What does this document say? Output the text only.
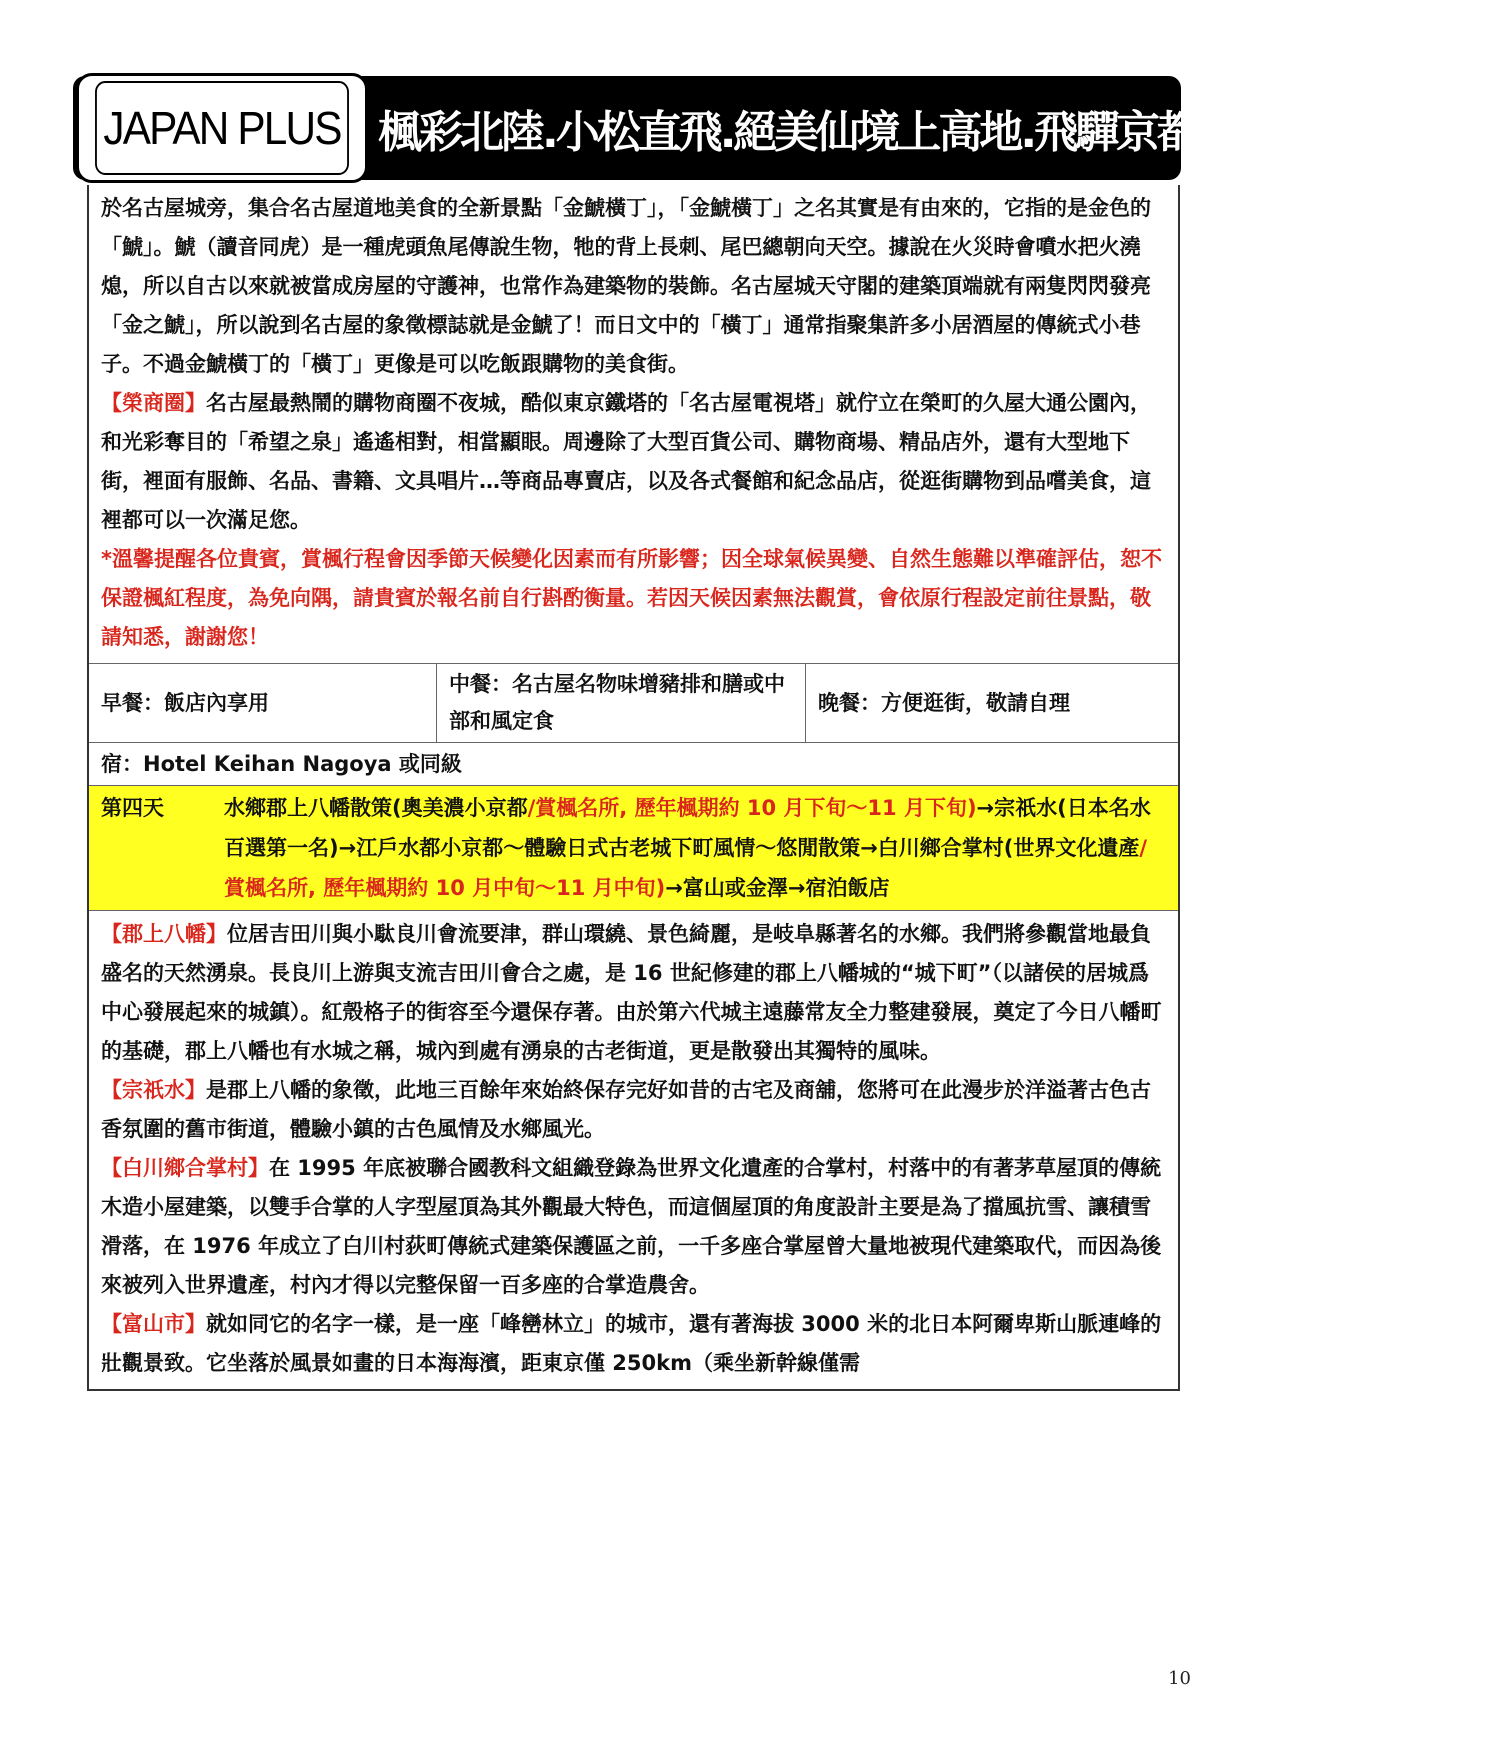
JAPAN PLUS 楓彩北陸.小松直飛.絕美仙境上高地.飛驒京都.昇龍道溫泉五日

於名古屋城旁，集合名古屋道地美食的全新景點「金鯱橫丁」，「金鯱橫丁」之名其實是有由來的，它指的是金色的「鯱」。鯱（讀音同虎）是一種虎頭魚尾傳說生物，牠的背上長刺、尾巴總朝向天空。據說在火災時會噴水把火澆熄，所以自古以來就被當成房屋的守護神，也常作為建築物的裝飾。名古屋城天守閣的建築頂端就有兩隻閃閃發亮「金之鯱」，所以說到名古屋的象徵標誌就是金鯱了！而日文中的「橫丁」通常指聚集許多小居酒屋的傳統式小巷子。不過金鯱橫丁的「橫丁」更像是可以吃飯跟購物的美食街。

【榮商圈】名古屋最熱鬧的購物商圈不夜城，酷似東京鐵塔的「名古屋電視塔」就佇立在榮町的久屋大通公園內，和光彩奪目的「希望之泉」遙遙相對，相當顯眼。周邊除了大型百貨公司、購物商場、精品店外，還有大型地下街，裡面有服飾、名品、書籍、文具唱片…等商品專賣店，以及各式餐館和紀念品店，從逛街購物到品嚐美食，這裡都可以一次滿足您。

*溫馨提醒各位貴賓，賞楓行程會因季節天候變化因素而有所影響；因全球氣候異變、自然生態難以準確評估，恕不保證楓紅程度，為免向隅，請貴賓於報名前自行斟酌衡量。若因天候因素無法觀賞，會依原行程設定前往景點，敬請知悉，謝謝您！

早餐：飯店內享用
中餐：名古屋名物味增豬排和膳或中部和風定食
晚餐：方便逛街，敬請自理
宿：Hotel Keihan Nagoya 或同級
第四天	水鄉郡上八幡散策(奧美濃小京都/賞楓名所, 歷年楓期約 10 月下旬～11 月下旬)→宗祇水(日本名水百選第一名)→江戶水都小京都～體驗日式古老城下町風情～悠閒散策→白川鄉合掌村(世界文化遺產/賞楓名所, 歷年楓期約 10 月中旬～11 月中旬)→富山或金澤→宿泊飯店

【郡上八幡】位居吉田川與小駄良川會流要津，群山環繞、景色綺麗，是岐阜縣著名的水鄉。我們將參觀當地最負盛名的天然湧泉。長良川上游與支流吉田川會合之處，是 16 世紀修建的郡上八幡城的“城下町”（以諸侯的居城爲中心發展起來的城鎮）。紅殼格子的街容至今還保存著。由於第六代城主遠藤常友全力整建發展，奠定了今日八幡町的基礎，郡上八幡也有水城之稱，城內到處有湧泉的古老街道，更是散發出其獨特的風味。

【宗祇水】是郡上八幡的象徵，此地三百餘年來始終保存完好如昔的古宅及商舖，您將可在此漫步於洋溢著古色古香氛圍的舊市街道，體驗小鎮的古色風情及水鄉風光。

【白川鄉合掌村】在 1995 年底被聯合國教科文組織登錄為世界文化遺產的合掌村，村落中的有著茅草屋頂的傳統木造小屋建築，以雙手合掌的人字型屋頂為其外觀最大特色，而這個屋頂的角度設計主要是為了擋風抗雪、讓積雪滑落，在 1976 年成立了白川村荻町傳統式建築保護區之前，一千多座合掌屋曾大量地被現代建築取代，而因為後來被列入世界遺產，村內才得以完整保留一百多座的合掌造農舍。

【富山市】就如同它的名字一樣，是一座「峰巒林立」的城市，還有著海拔 3000 米的北日本阿爾卑斯山脈連峰的壯觀景致。它坐落於風景如畫的日本海海濱，距東京僅 250km（乘坐新幹線僅需

10
